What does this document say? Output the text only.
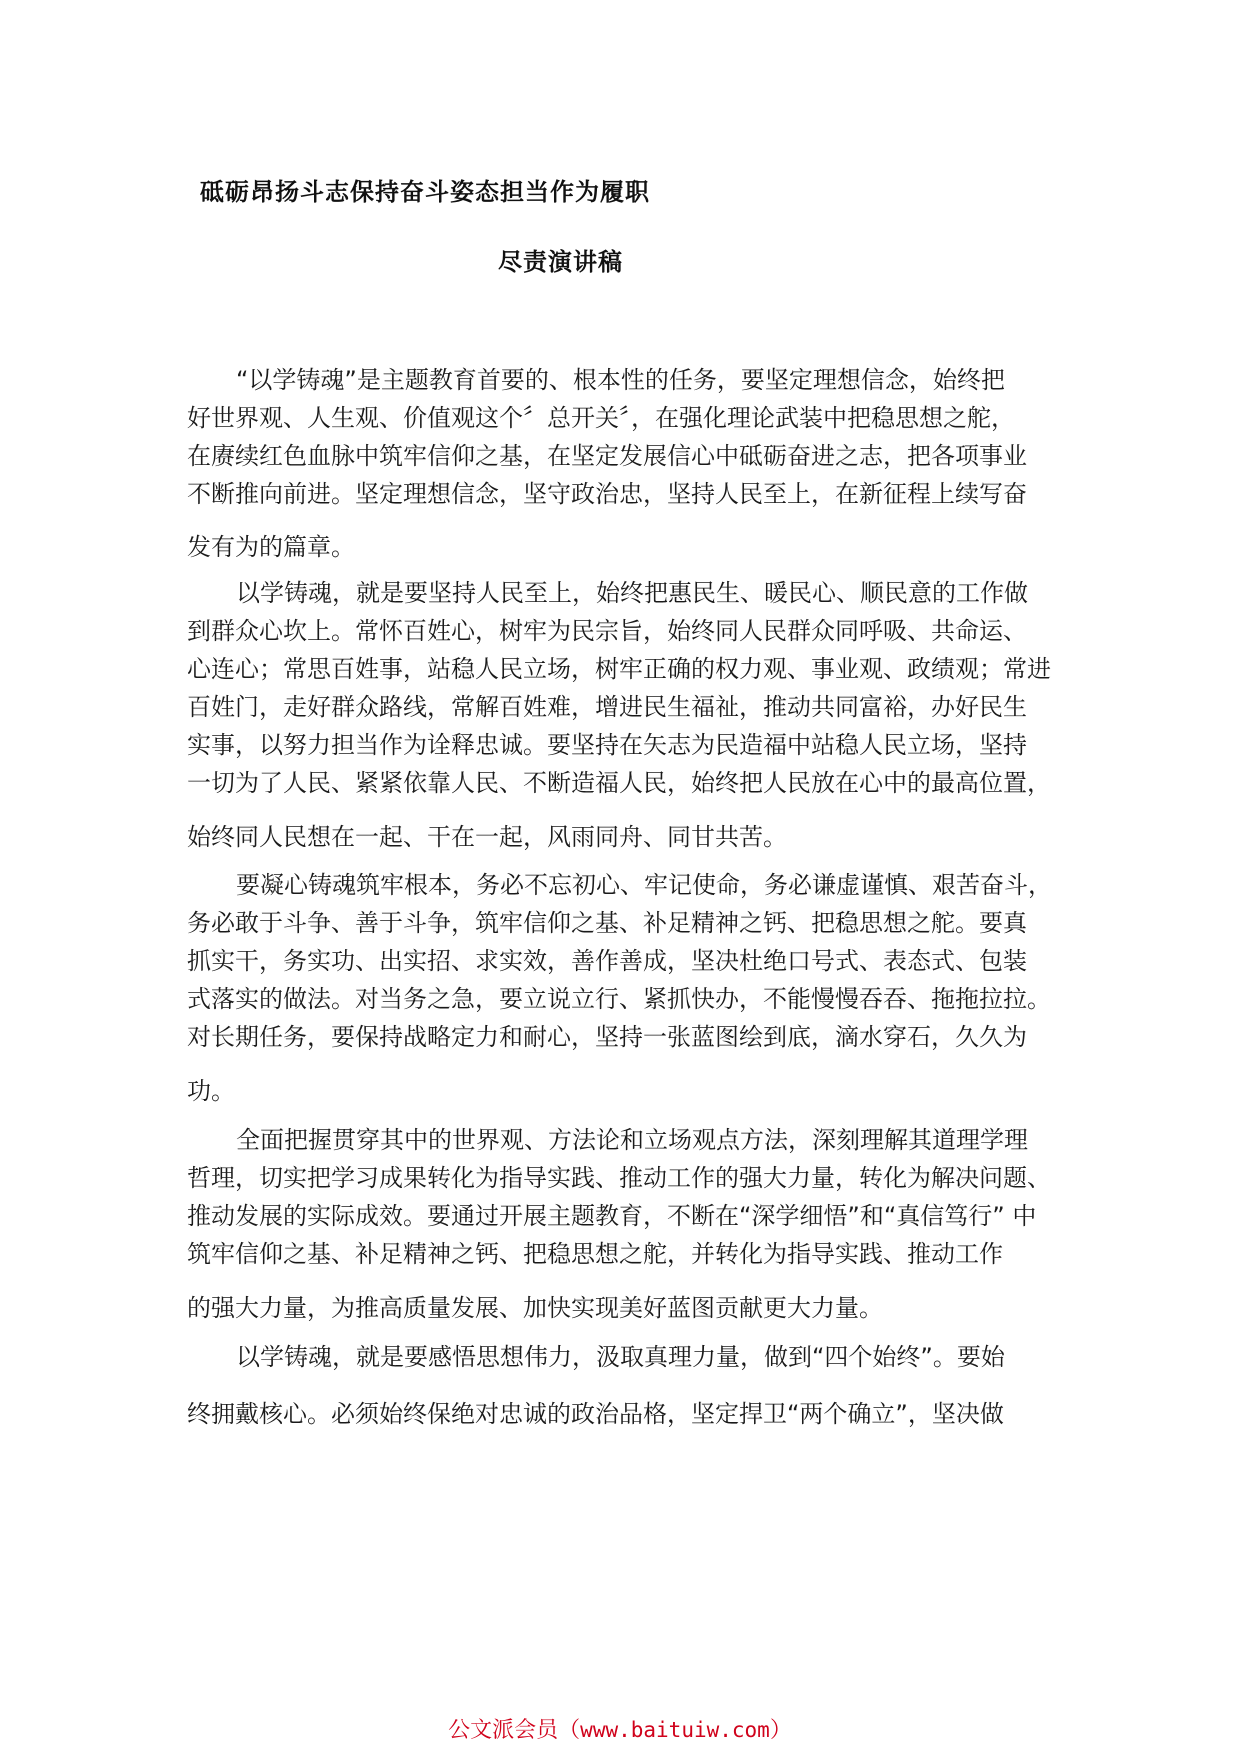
砥砺昂扬斗志保持奋斗姿态担当作为履职
尽责演讲稿
“以学铸魂”是主题教育首要的、根本性的任务，要坚定理想信念，始终把
好世界观、人生观、价值观这个〞总开关〞，在强化理论武装中把稳思想之舵，
在赓续红色血脉中筑牢信仰之基，在坚定发展信心中砥砺奋进之志，把各项事业
不断推向前进。坚定理想信念，坚守政治忠，坚持人民至上，在新征程上续写奋
发有为的篇章。
以学铸魂，就是要坚持人民至上，始终把惠民生、暖民心、顺民意的工作做
到群众心坎上。常怀百姓心，树牢为民宗旨，始终同人民群众同呼吸、共命运、
心连心；常思百姓事，站稳人民立场，树牢正确的权力观、事业观、政绩观；常进
百姓门，走好群众路线，常解百姓难，增进民生福祉，推动共同富裕，办好民生
实事，以努力担当作为诠释忠诚。要坚持在矢志为民造福中站稳人民立场，坚持
一切为了人民、紧紧依靠人民、不断造福人民，始终把人民放在心中的最高位置，
始终同人民想在一起、干在一起，风雨同舟、同甘共苦。
要凝心铸魂筑牢根本，务必不忘初心、牢记使命，务必谦虚谨慎、艰苦奋斗，
务必敢于斗争、善于斗争，筑牢信仰之基、补足精神之钙、把稳思想之舵。要真
抓实干，务实功、出实招、求实效，善作善成，坚决杜绝口号式、表态式、包装
式落实的做法。对当务之急，要立说立行、紧抓快办，不能慢慢吞吞、拖拖拉拉。
对长期任务，要保持战略定力和耐心，坚持一张蓝图绘到底，滴水穿石，久久为
功。
全面把握贯穿其中的世界观、方法论和立场观点方法，深刻理解其道理学理
哲理，切实把学习成果转化为指导实践、推动工作的强大力量，转化为解决问题、
推动发展的实际成效。要通过开展主题教育，不断在“深学细悟”和“真信笃行” 中
筑牢信仰之基、补足精神之钙、把稳思想之舵，并转化为指导实践、推动工作
的强大力量，为推高质量发展、加快实现美好蓝图贡献更大力量。
以学铸魂，就是要感悟思想伟力，汲取真理力量，做到“四个始终”。要始
终拥戴核心。必须始终保绝对忠诚的政治品格，坚定捍卫“两个确立”，坚决做
公文派会员（www.baituiw.com）
